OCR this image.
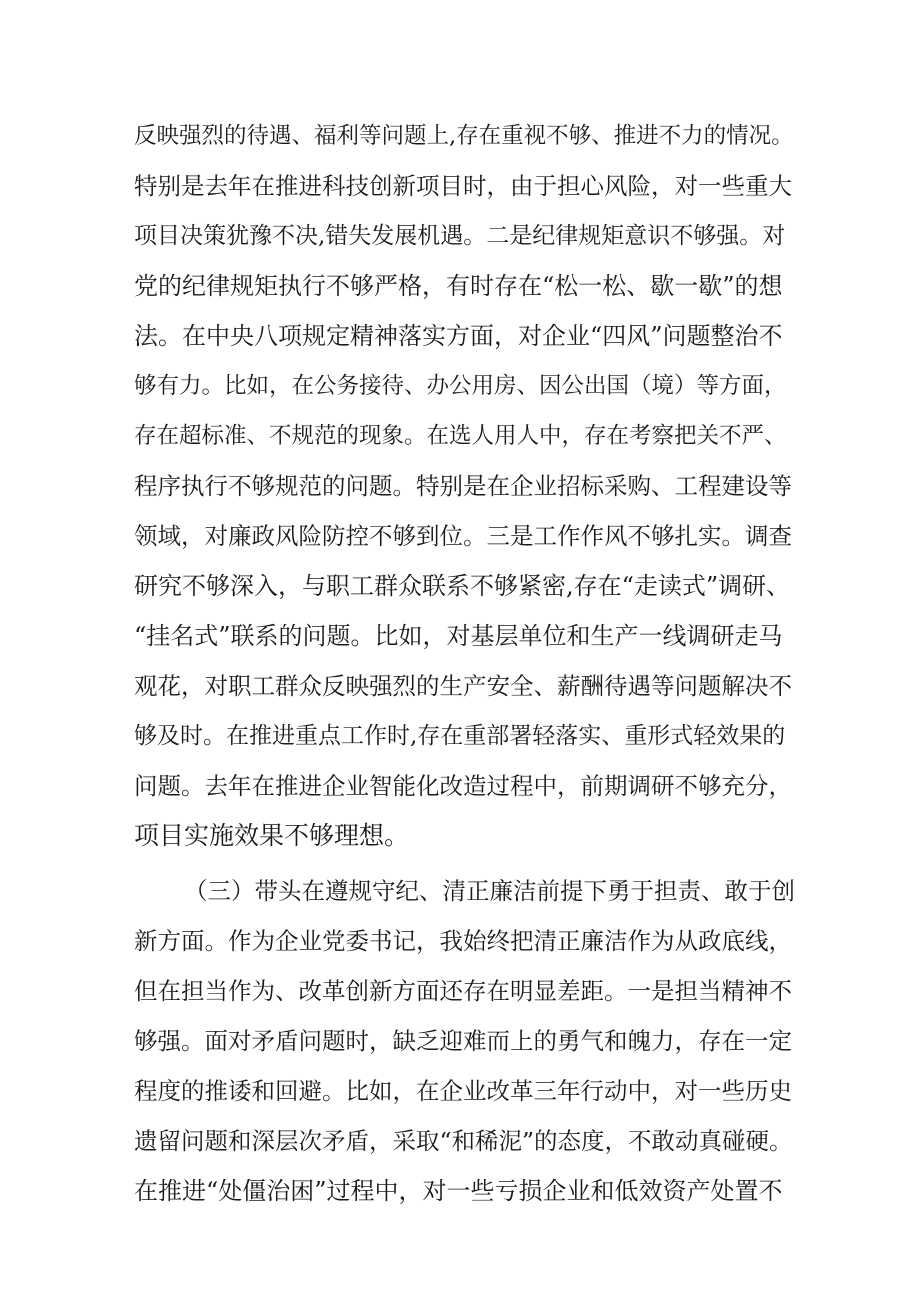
反映强烈的待遇、福利等问题上,存在重视不够、推进不力的情况。
特别是去年在推进科技创新项目时，由于担心风险，对一些重大
项目决策犹豫不决,错失发展机遇。二是纪律规矩意识不够强。对
党的纪律规矩执行不够严格，有时存在“松一松、歇一歇”的想
法。在中央八项规定精神落实方面，对企业“四风”问题整治不
够有力。比如，在公务接待、办公用房、因公出国（境）等方面，
存在超标准、不规范的现象。在选人用人中，存在考察把关不严、
程序执行不够规范的问题。特别是在企业招标采购、工程建设等
领域，对廉政风险防控不够到位。三是工作作风不够扎实。调查
研究不够深入，与职工群众联系不够紧密,存在“走读式”调研、
“挂名式”联系的问题。比如，对基层单位和生产一线调研走马
观花，对职工群众反映强烈的生产安全、薪酬待遇等问题解决不
够及时。在推进重点工作时,存在重部署轻落实、重形式轻效果的
问题。去年在推进企业智能化改造过程中，前期调研不够充分，
项目实施效果不够理想。
（三）带头在遵规守纪、清正廉洁前提下勇于担责、敢于创
新方面。作为企业党委书记，我始终把清正廉洁作为从政底线，
但在担当作为、改革创新方面还存在明显差距。一是担当精神不
够强。面对矛盾问题时，缺乏迎难而上的勇气和魄力，存在一定
程度的推诿和回避。比如，在企业改革三年行动中，对一些历史
遗留问题和深层次矛盾，采取“和稀泥”的态度，不敢动真碰硬。
在推进“处僵治困”过程中，对一些亏损企业和低效资产处置不
